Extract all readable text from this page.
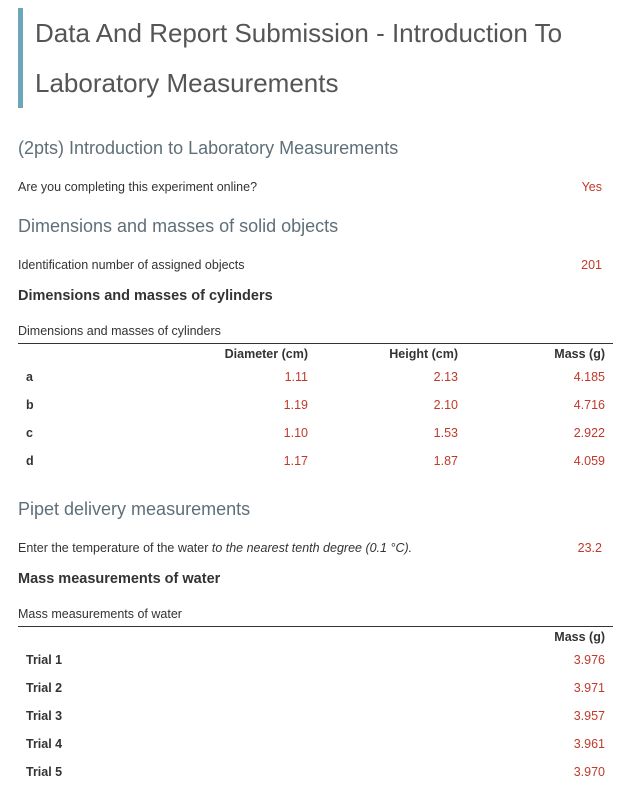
Data And Report Submission - Introduction To Laboratory Measurements
(2pts) Introduction to Laboratory Measurements
Are you completing this experiment online?	Yes
Dimensions and masses of solid objects
Identification number of assigned objects	201
Dimensions and masses of cylinders
Dimensions and masses of cylinders
	Diameter (cm)	Height (cm)	Mass (g)
a	1.11	2.13	4.185
b	1.19	2.10	4.716
c	1.10	1.53	2.922
d	1.17	1.87	4.059
Pipet delivery measurements
Enter the temperature of the water to the nearest tenth degree (0.1 °C).	23.2
Mass measurements of water
Mass measurements of water
	Mass (g)
Trial 1	3.976
Trial 2	3.971
Trial 3	3.957
Trial 4	3.961
Trial 5	3.970
